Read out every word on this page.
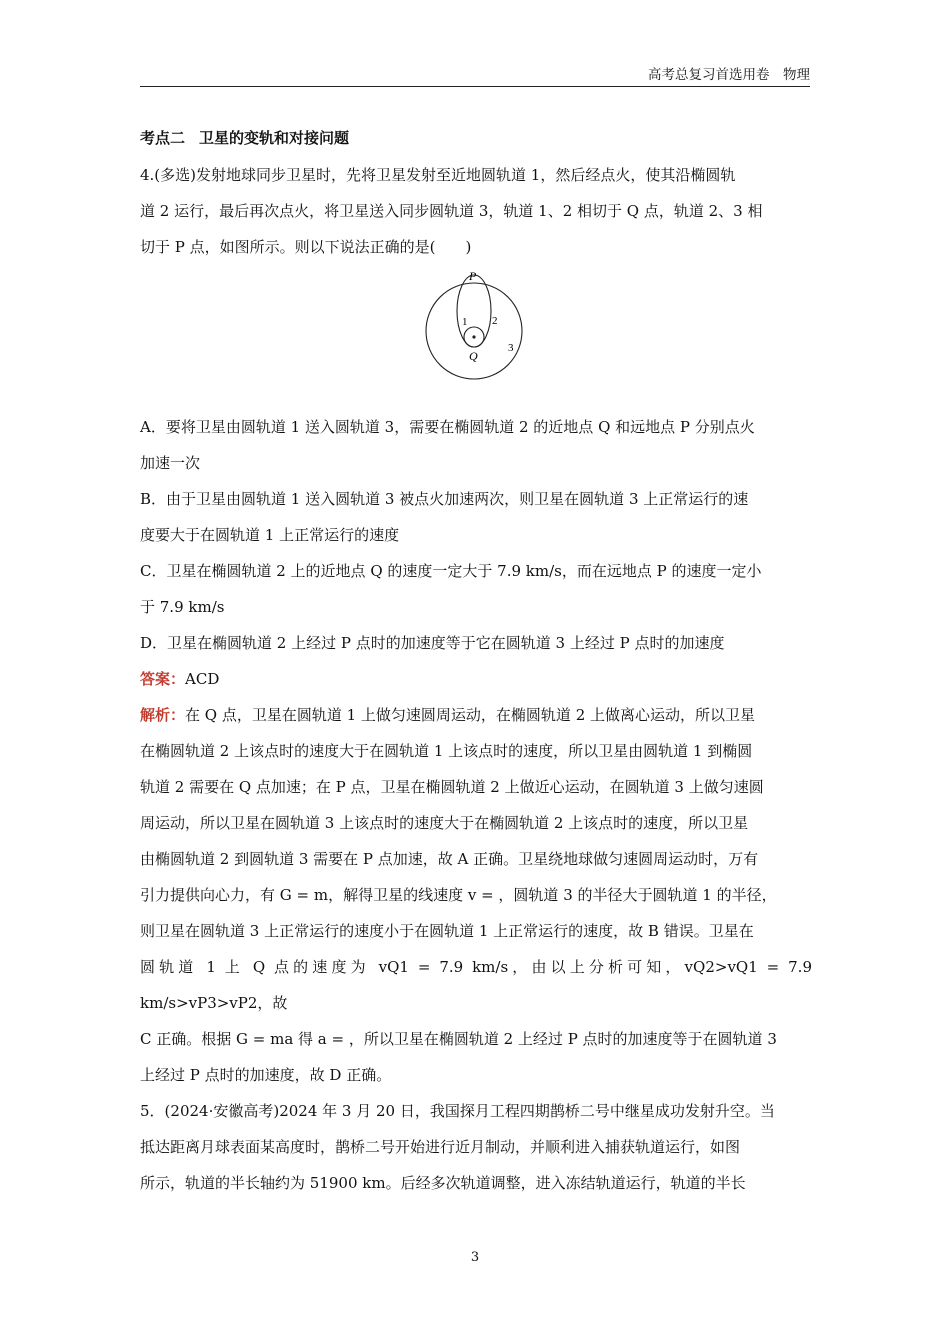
高考总复习首选用卷　物理
考点二 卫星的变轨和对接问题
4.(多选)发射地球同步卫星时，先将卫星发射至近地圆轨道 1，然后经点火，使其沿椭圆轨
道 2 运行，最后再次点火，将卫星送入同步圆轨道 3，轨道 1、2 相切于 Q 点，轨道 2、3 相
切于 P 点，如图所示。则以下说法正确的是(　　)
P
1 2
Q
3
A．要将卫星由圆轨道 1 送入圆轨道 3，需要在椭圆轨道 2 的近地点 Q 和远地点 P 分别点火
加速一次
B．由于卫星由圆轨道 1 送入圆轨道 3 被点火加速两次，则卫星在圆轨道 3 上正常运行的速
度要大于在圆轨道 1 上正常运行的速度
C．卫星在椭圆轨道 2 上的近地点 Q 的速度一定大于 7.9 km/s，而在远地点 P 的速度一定小
于 7.9 km/s
D．卫星在椭圆轨道 2 上经过 P 点时的加速度等于它在圆轨道 3 上经过 P 点时的加速度
答案：ACD
解析：在 Q 点，卫星在圆轨道 1 上做匀速圆周运动，在椭圆轨道 2 上做离心运动，所以卫星
在椭圆轨道 2 上该点时的速度大于在圆轨道 1 上该点时的速度，所以卫星由圆轨道 1 到椭圆
轨道 2 需要在 Q 点加速；在 P 点，卫星在椭圆轨道 2 上做近心运动，在圆轨道 3 上做匀速圆
周运动，所以卫星在圆轨道 3 上该点时的速度大于在椭圆轨道 2 上该点时的速度，所以卫星
由椭圆轨道 2 到圆轨道 3 需要在 P 点加速，故 A 正确。卫星绕地球做匀速圆周运动时，万有
引力提供向心力，有 G = m，解得卫星的线速度 v = ，圆轨道 3 的半径大于圆轨道 1 的半径，
则卫星在圆轨道 3 上正常运行的速度小于在圆轨道 1 上正常运行的速度，故 B 错误。卫星在
圆轨道 1 上 Q 点的速度为 vQ1 = 7.9 km/s，由以上分析可知，vQ2>vQ1 = 7.9 km/s>vP3>vP2，故
C 正确。根据 G = ma 得 a = ，所以卫星在椭圆轨道 2 上经过 P 点时的加速度等于在圆轨道 3
上经过 P 点时的加速度，故 D 正确。
5．(2024·安徽高考)2024 年 3 月 20 日，我国探月工程四期鹊桥二号中继星成功发射升空。当
抵达距离月球表面某高度时，鹊桥二号开始进行近月制动，并顺利进入捕获轨道运行，如图
所示，轨道的半长轴约为 51900 km。后经多次轨道调整，进入冻结轨道运行，轨道的半长
3
